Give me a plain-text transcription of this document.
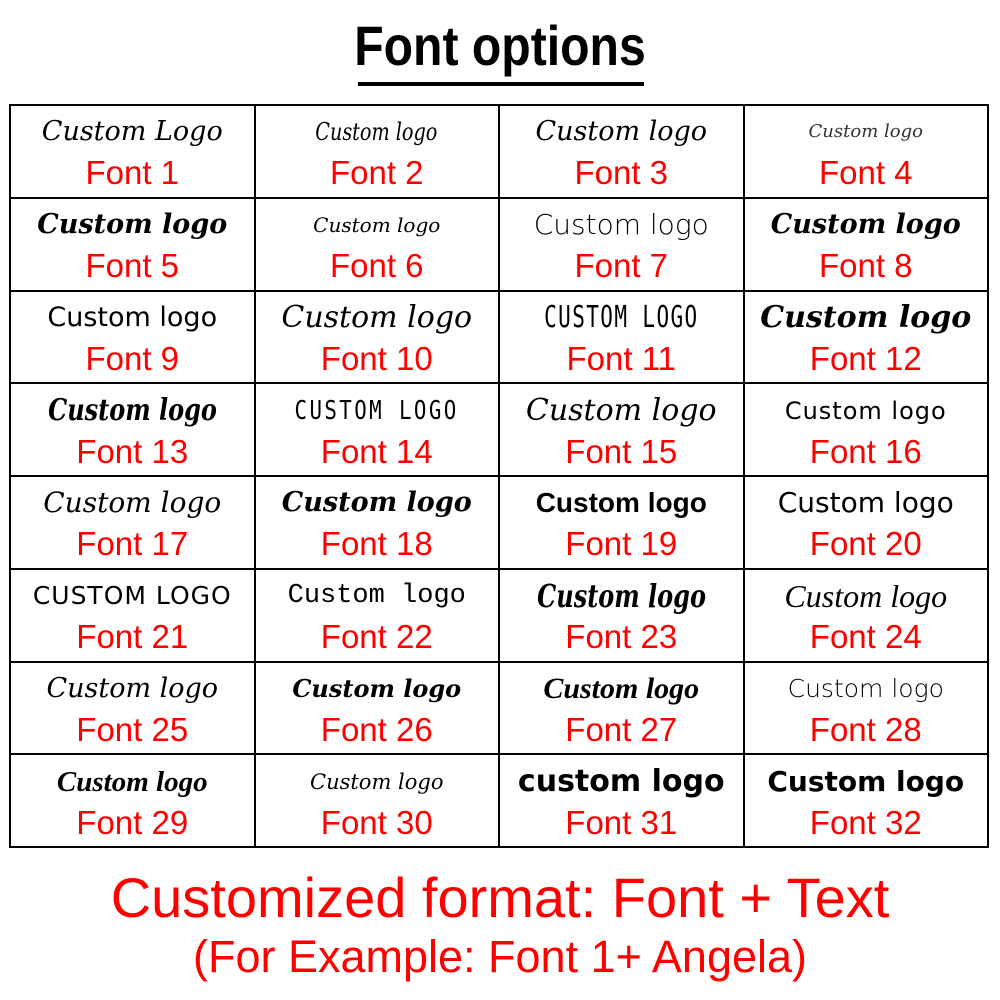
Font options
Custom Logo
Font 1
Custom logo
Font 2
Custom logo
Font 3
Custom logo
Font 4
Custom logo
Font 5
Custom logo
Font 6
Custom logo
Font 7
Custom logo
Font 8
Custom logo
Font 9
Custom logo
Font 10
CUSTOM LOGO
Font 11
Custom logo
Font 12
Custom logo
Font 13
CUSTOM LOGO
Font 14
Custom logo
Font 15
Custom logo
Font 16
Custom logo
Font 17
Custom logo
Font 18
Custom logo
Font 19
Custom logo
Font 20
CUSTOM LOGO
Font 21
Custom logo
Font 22
Custom logo
Font 23
Custom logo
Font 24
Custom logo
Font 25
Custom logo
Font 26
Custom logo
Font 27
Custom logo
Font 28
Custom logo
Font 29
Custom logo
Font 30
custom logo
Font 31
Custom logo
Font 32
Customized format: Font + Text
(For Example: Font 1+ Angela)
